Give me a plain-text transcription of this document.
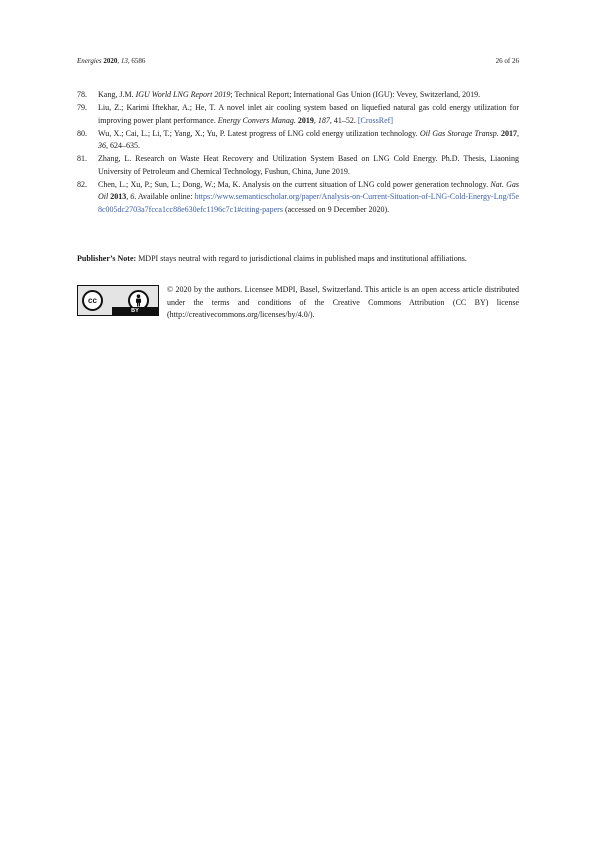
Energies 2020, 13, 6586	26 of 26
78.	Kang, J.M. IGU World LNG Report 2019; Technical Report; International Gas Union (IGU): Vevey, Switzerland, 2019.
79.	Liu, Z.; Karimi Iftekhar, A.; He, T. A novel inlet air cooling system based on liquefied natural gas cold energy utilization for improving power plant performance. Energy Convers Manag. 2019, 187, 41–52. [CrossRef]
80.	Wu, X.; Cai, L.; Li, T.; Yang, X.; Yu, P. Latest progress of LNG cold energy utilization technology. Oil Gas Storage Transp. 2017, 36, 624–635.
81.	Zhang, L. Research on Waste Heat Recovery and Utilization System Based on LNG Cold Energy. Ph.D. Thesis, Liaoning University of Petroleum and Chemical Technology, Fushun, China, June 2019.
82.	Chen, L.; Xu, P.; Sun, L.; Dong, W.; Ma, K. Analysis on the current situation of LNG cold power generation technology. Nat. Gas Oil 2013, 6. Available online: https://www.semanticscholar.org/paper/Analysis-on-Current-Situation-of-LNG-Cold-Energy-Lng/f5e8c005dc2703a7fcca1cc88e630efc1196c7c1#citing-papers (accessed on 9 December 2020).
Publisher’s Note: MDPI stays neutral with regard to jurisdictional claims in published maps and institutional affiliations.
cc
BY
© 2020 by the authors. Licensee MDPI, Basel, Switzerland. This article is an open access article distributed under the terms and conditions of the Creative Commons Attribution (CC BY) license (http://creativecommons.org/licenses/by/4.0/).
